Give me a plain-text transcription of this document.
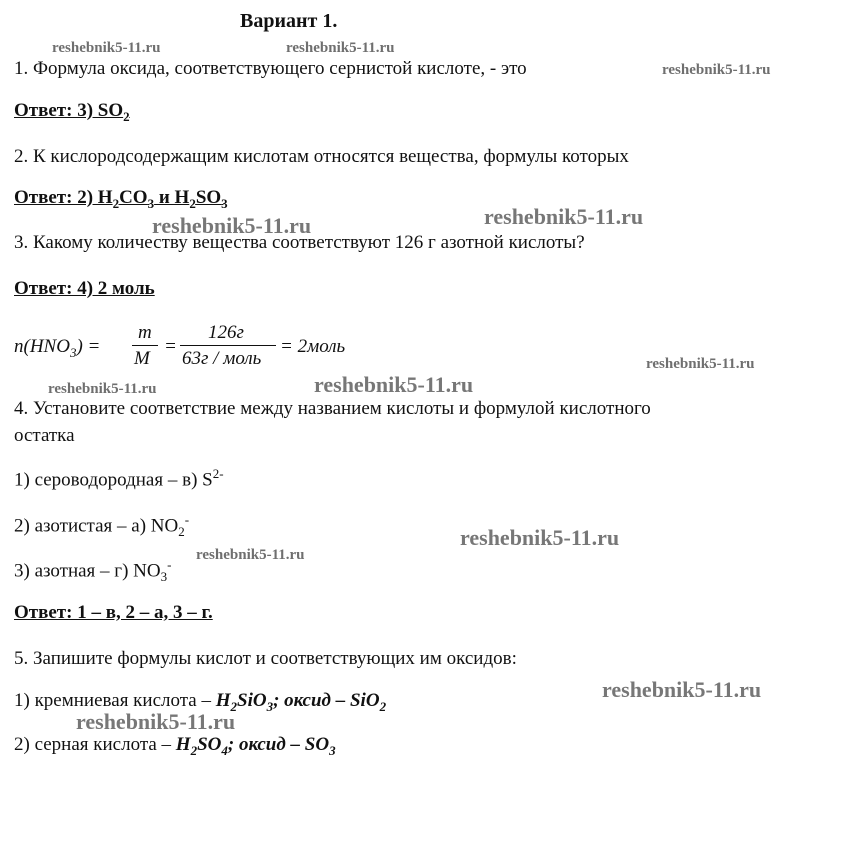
Вариант 1.
reshebnik5-11.ru	reshebnik5-11.ru
reshebnik5-11.ru
reshebnik5-11.ru	reshebnik5-11.ru
reshebnik5-11.ru
reshebnik5-11.ru	reshebnik5-11.ru
reshebnik5-11.ru
reshebnik5-11.ru
reshebnik5-11.ru
reshebnik5-11.ru
1. Формула оксида, соответствующего сернистой кислоте, - это
Ответ: 3) $SO_2$
2. К кислородсодержащим кислотам относятся вещества, формулы которых
Ответ: 2) $H_2CO_3$ и $H_2SO_3$
3. Какому количеству вещества соответствуют 126 г азотной кислоты?
Ответ: 4) 2 моль
$n(HNO_3)$ =
m
M
=
126г
63г / моль
= 2моль
4. Установите соответствие между названием кислоты и формулой кислотного
остатка
1) сероводородная – в) $S^{2-}$
2) азотистая – а) $NO_2^-$
3) азотная – г) $NO_3^-$
Ответ: 1 – в, 2 – а, 3 – г.
5. Запишите формулы кислот и соответствующих им оксидов:
1) кремниевая кислота – $H_2SiO_3$; оксид – SiO$_2$
2) серная кислота – $H_2SO_4$; оксид – $SO_3$
